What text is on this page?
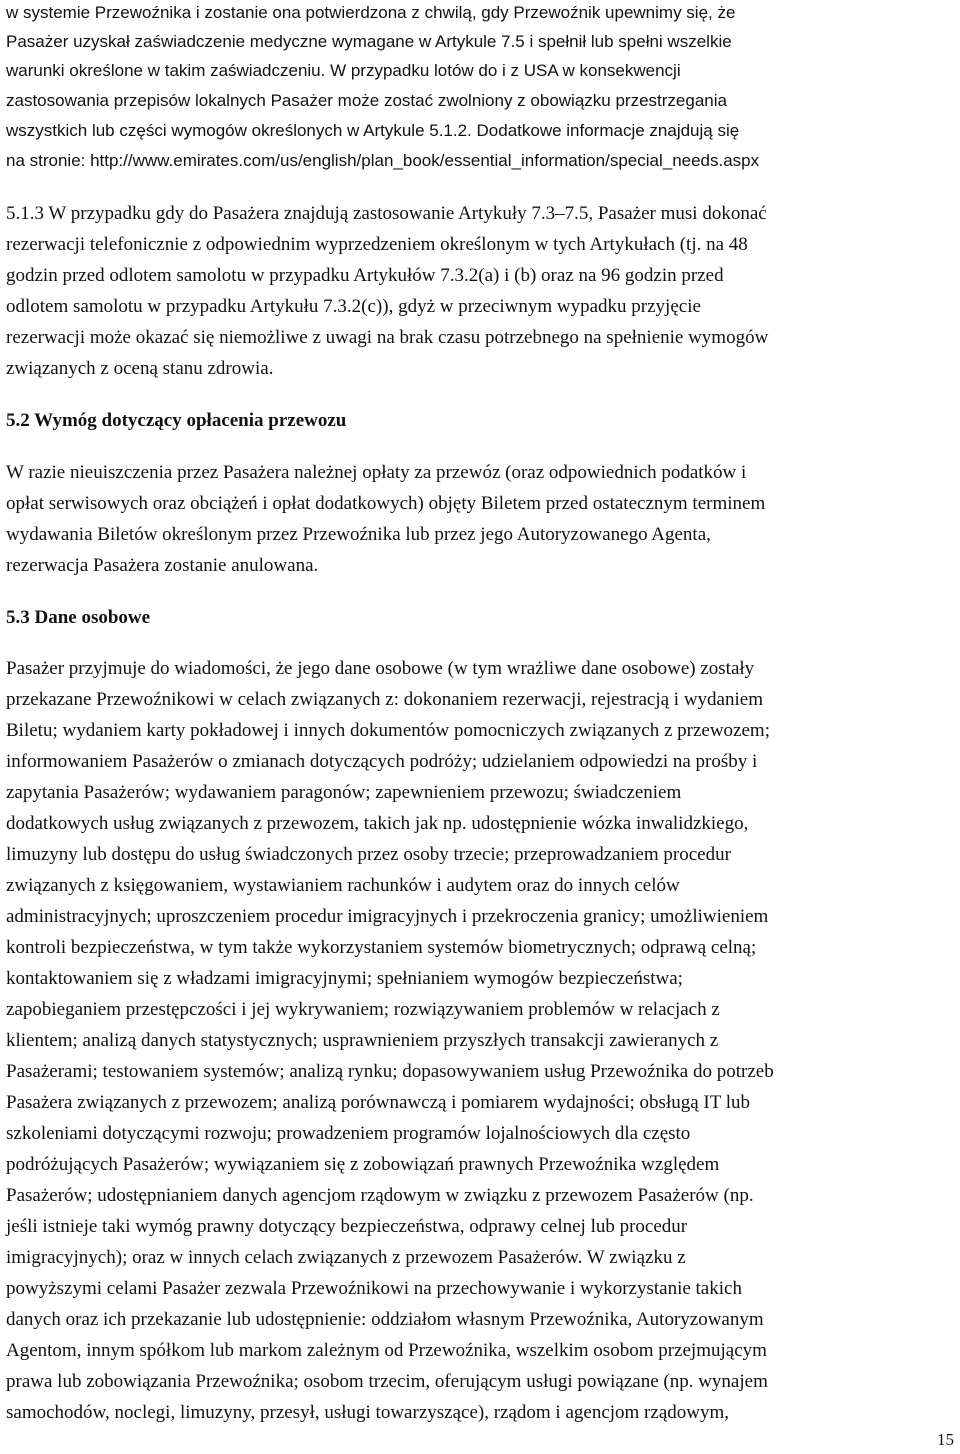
w systemie Przewoźnika i zostanie ona potwierdzona z chwilą, gdy Przewoźnik upewnimy się, że
Pasażer uzyskał zaświadczenie medyczne wymagane w Artykule 7.5 i spełnił lub spełni wszelkie
warunki określone w takim zaświadczeniu. W przypadku lotów do i z USA w konsekwencji
zastosowania przepisów lokalnych Pasażer może zostać zwolniony z obowiązku przestrzegania
wszystkich lub części wymogów określonych w Artykule 5.1.2. Dodatkowe informacje znajdują się
na stronie: http://www.emirates.com/us/english/plan_book/essential_information/special_needs.aspx
5.1.3 W przypadku gdy do Pasażera znajdują zastosowanie Artykuły 7.3–7.5, Pasażer musi dokonać
rezerwacji telefonicznie z odpowiednim wyprzedzeniem określonym w tych Artykułach (tj. na 48
godzin przed odlotem samolotu w przypadku Artykułów 7.3.2(a) i (b) oraz na 96 godzin przed
odlotem samolotu w przypadku Artykułu 7.3.2(c)), gdyż w przeciwnym wypadku przyjęcie
rezerwacji może okazać się niemożliwe z uwagi na brak czasu potrzebnego na spełnienie wymogów
związanych z oceną stanu zdrowia.
5.2 Wymóg dotyczący opłacenia przewozu
W razie nieuiszczenia przez Pasażera należnej opłaty za przewóz (oraz odpowiednich podatków i
opłat serwisowych oraz obciążeń i opłat dodatkowych) objęty Biletem przed ostatecznym terminem
wydawania Biletów określonym przez Przewoźnika lub przez jego Autoryzowanego Agenta,
rezerwacja Pasażera zostanie anulowana.
5.3 Dane osobowe
Pasażer przyjmuje do wiadomości, że jego dane osobowe (w tym wrażliwe dane osobowe) zostały
przekazane Przewoźnikowi w celach związanych z: dokonaniem rezerwacji, rejestracją i wydaniem
Biletu; wydaniem karty pokładowej i innych dokumentów pomocniczych związanych z przewozem;
informowaniem Pasażerów o zmianach dotyczących podróży; udzielaniem odpowiedzi na prośby i
zapytania Pasażerów; wydawaniem paragonów; zapewnieniem przewozu; świadczeniem
dodatkowych usług związanych z przewozem, takich jak np. udostępnienie wózka inwalidzkiego,
limuzyny lub dostępu do usług świadczonych przez osoby trzecie; przeprowadzaniem procedur
związanych z księgowaniem, wystawianiem rachunków i audytem oraz do innych celów
administracyjnych; uproszczeniem procedur imigracyjnych i przekroczenia granicy; umożliwieniem
kontroli bezpieczeństwa, w tym także wykorzystaniem systemów biometrycznych; odprawą celną;
kontaktowaniem się z władzami imigracyjnymi; spełnianiem wymogów bezpieczeństwa;
zapobieganiem przestępczości i jej wykrywaniem; rozwiązywaniem problemów w relacjach z
klientem; analizą danych statystycznych; usprawnieniem przyszłych transakcji zawieranych z
Pasażerami; testowaniem systemów; analizą rynku; dopasowywaniem usług Przewoźnika do potrzeb
Pasażera związanych z przewozem; analizą porównawczą i pomiarem wydajności; obsługą IT lub
szkoleniami dotyczącymi rozwoju; prowadzeniem programów lojalnościowych dla często
podróżujących Pasażerów; wywiązaniem się z zobowiązań prawnych Przewoźnika względem
Pasażerów; udostępnianiem danych agencjom rządowym w związku z przewozem Pasażerów (np.
jeśli istnieje taki wymóg prawny dotyczący bezpieczeństwa, odprawy celnej lub procedur
imigracyjnych); oraz w innych celach związanych z przewozem Pasażerów. W związku z
powyższymi celami Pasażer zezwala Przewoźnikowi na przechowywanie i wykorzystanie takich
danych oraz ich przekazanie lub udostępnienie: oddziałom własnym Przewoźnika, Autoryzowanym
Agentom, innym spółkom lub markom zależnym od Przewoźnika, wszelkim osobom przejmującym
prawa lub zobowiązania Przewoźnika; osobom trzecim, oferującym usługi powiązane (np. wynajem
samochodów, noclegi, limuzyny, przesył, usługi towarzyszące), rządom i agencjom rządowym,
15
